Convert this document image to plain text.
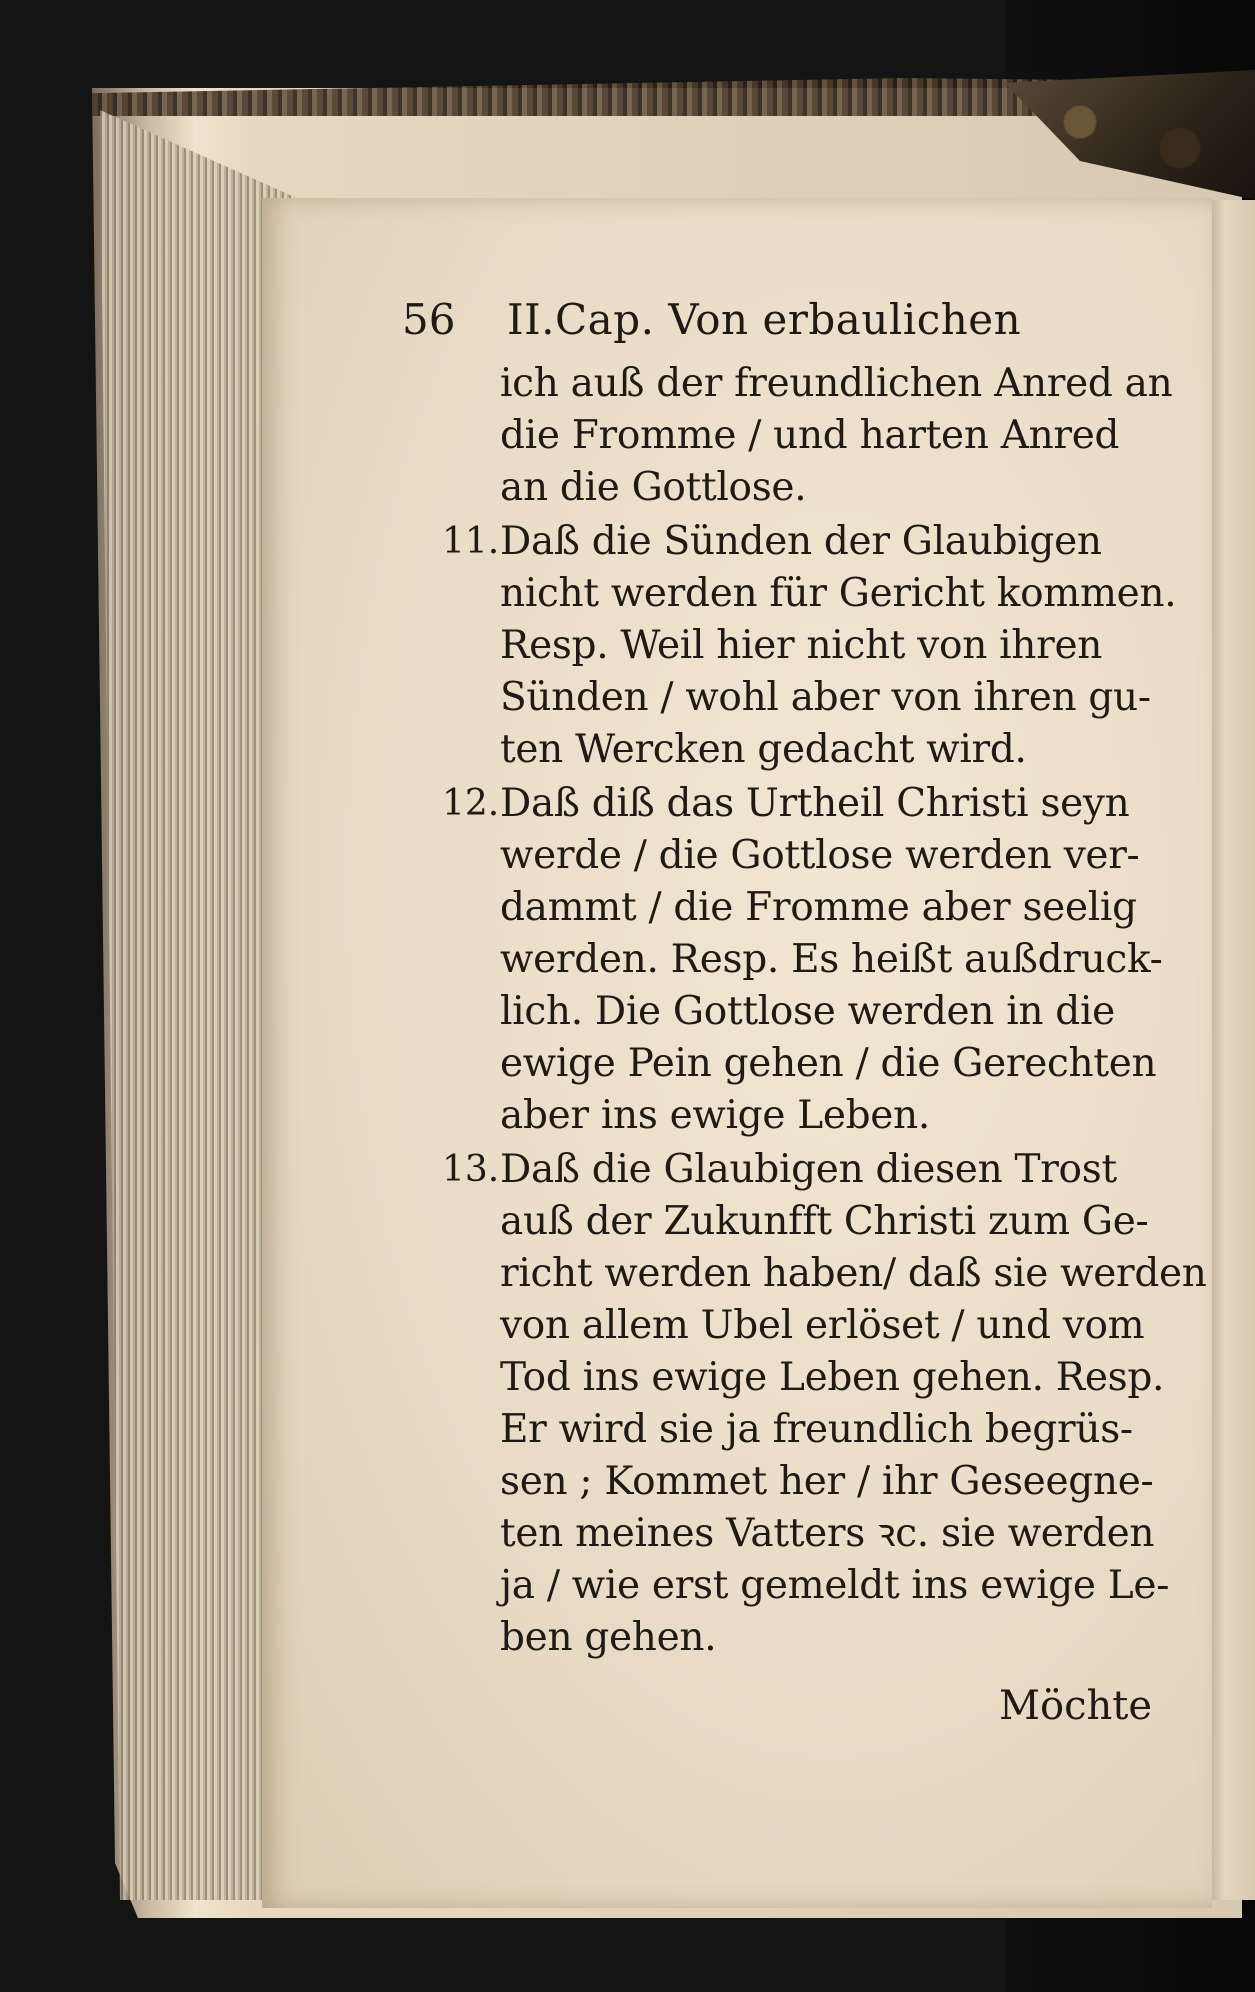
56 II.Cap. Von erbaulichen
ich auß der freundlichen Anred an
die Fromme / und harten Anred
an die Gottlose.
11. Daß die Sünden der Glaubigen
nicht werden für Gericht kommen.
Resp. Weil hier nicht von ihren
Sünden / wohl aber von ihren gu-
ten Wercken gedacht wird.
12. Daß diß das Urtheil Christi seyn
werde / die Gottlose werden ver-
dammt / die Fromme aber seelig
werden. Resp. Es heißt außdruck-
lich. Die Gottlose werden in die
ewige Pein gehen / die Gerechten
aber ins ewige Leben.
13. Daß die Glaubigen diesen Trost
auß der Zukunfft Christi zum Ge-
richt werden haben/ daß sie werden
von allem Ubel erlöset / und vom
Tod ins ewige Leben gehen. Resp.
Er wird sie ja freundlich begrüs-
sen ; Kommet her / ihr Geseegne-
ten meines Vatters ꝛc. sie werden
ja / wie erst gemeldt ins ewige Le-
ben gehen.
Möchte
